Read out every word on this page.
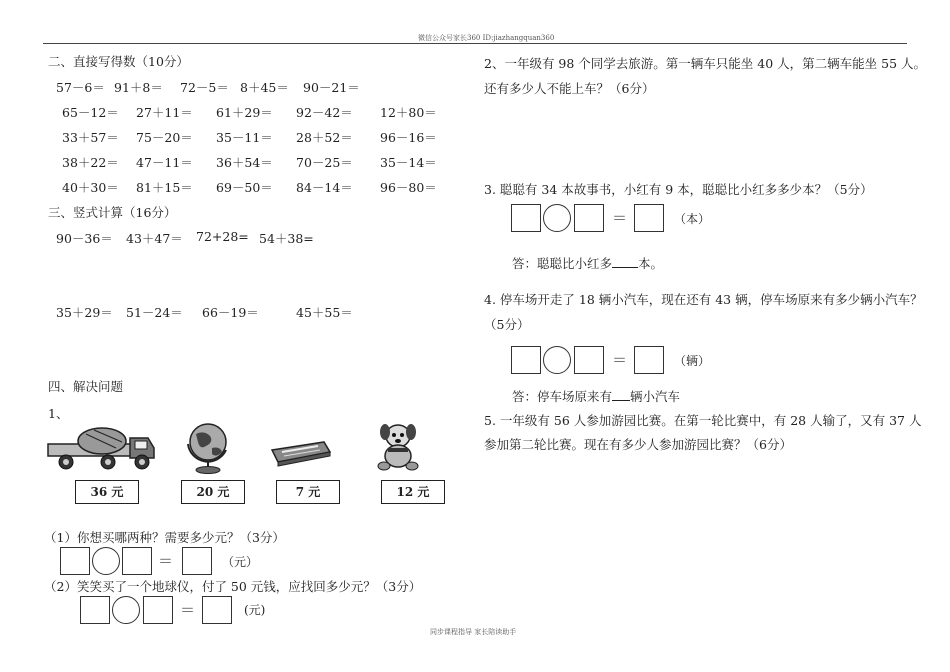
微信公众号家长360 ID:jiazhangquan360
二、直接写得数（10分）
57－6＝ 91＋8＝ 72－5＝ 8＋45＝ 90－21＝
65－12＝ 27＋11＝ 61＋29＝ 92－42＝ 12＋80＝
33＋57＝ 75－20＝ 35－11＝ 28＋52＝ 96－16＝
38＋22＝ 47－11＝ 36＋54＝ 70－25＝ 35－14＝
40＋30＝ 81＋15＝ 69－50＝ 84－14＝ 96－80＝
三、竖式计算（16分）
90－36＝ 43＋47＝ 72+28= 54＋38=
35＋29＝ 51－24＝ 66－19＝	45＋55＝
四、解决问题
1、
36 元	20 元	7 元	12 元
（1）你想买哪两种？需要多少元？（3分）
＝	（元）
（2）笑笑买了一个地球仪，付了 50 元钱，应找回多少元？（3分）
＝	(元)
2、一年级有 98 个同学去旅游。第一辆车只能坐 40 人，第二辆车能坐 55 人。
还有多少人不能上车？（6分）
3. 聪聪有 34 本故事书，小红有 9 本，聪聪比小红多多少本？（5分）
＝	（本）
答：聪聪比小红多 本。
4. 停车场开走了 18 辆小汽车，现在还有 43 辆，停车场原来有多少辆小汽车？
（5分）
＝	（辆）
答：停车场原来有 辆小汽车
5. 一年级有 56 人参加游园比赛。在第一轮比赛中，有 28 人输了，又有 37 人
参加第二轮比赛。现在有多少人参加游园比赛？（6分）
同步课程指导 家长陪读助手
